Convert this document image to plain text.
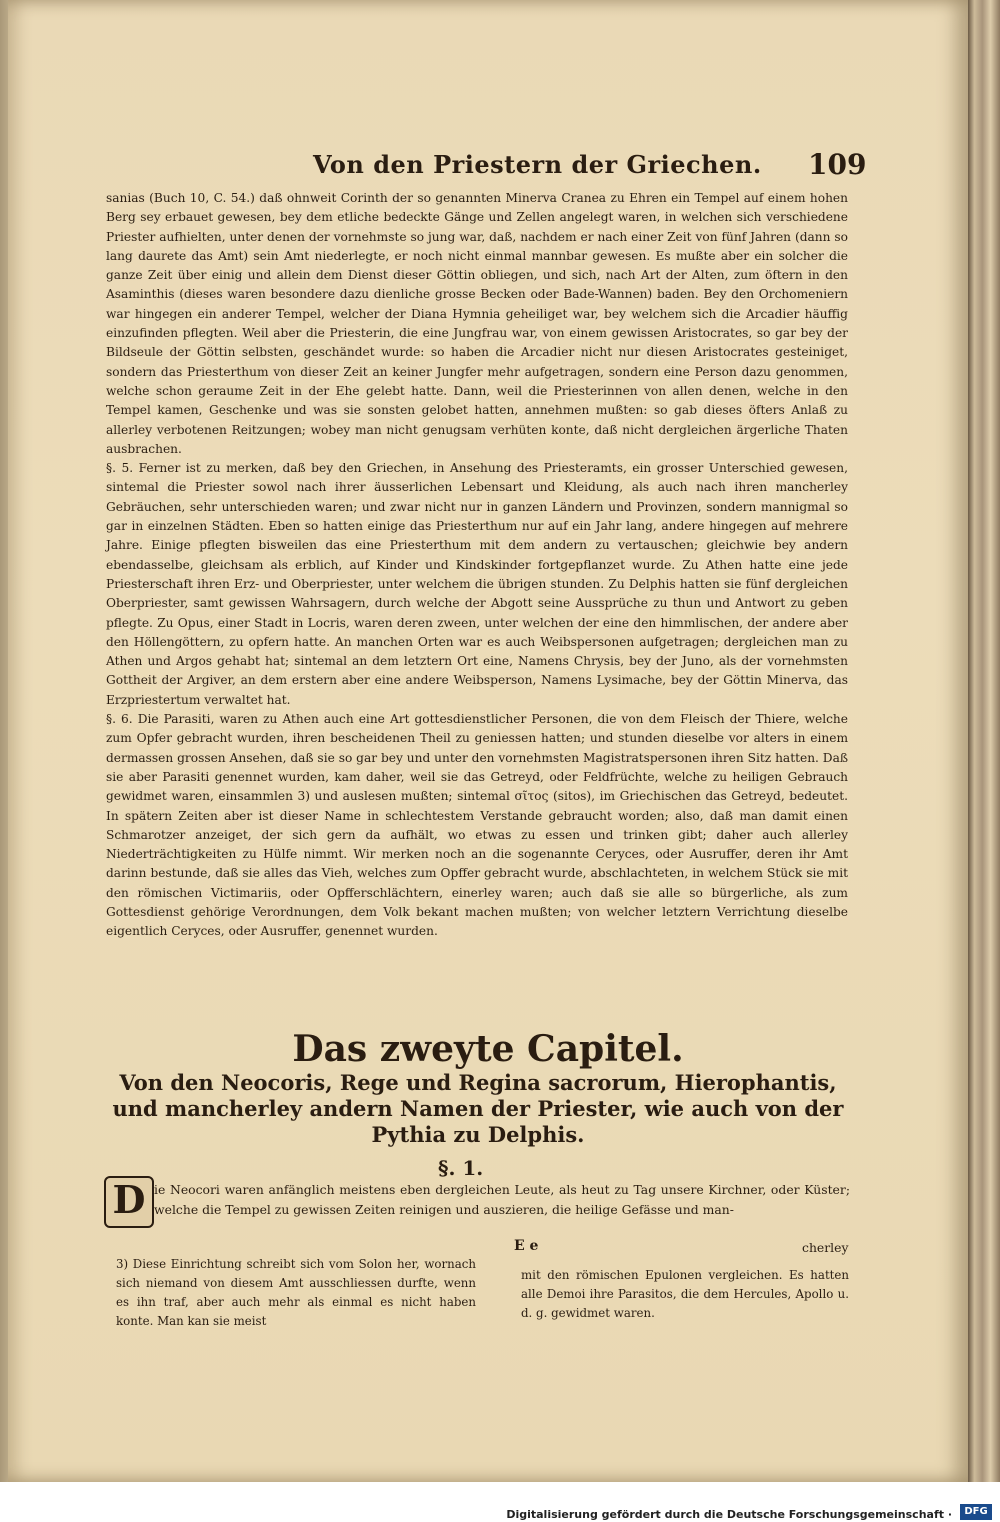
Von den Priestern der Griechen. 109

sanias (Buch 10, C. 54.) daß ohnweit Corinth der so genannten Minerva Cranea zu Ehren ein Tempel auf einem hohen Berg sey erbauet gewesen, bey dem etliche bedeckte Gänge und Zellen angelegt waren, in welchen sich verschiedene Priester aufhielten, unter denen der vornehmste so jung war, daß, nachdem er nach einer Zeit von fünf Jahren (dann so lang daurete das Amt) sein Amt niederlegte, er noch nicht einmal mannbar gewesen. Es mußte aber ein solcher die ganze Zeit über einig und allein dem Dienst dieser Göttin obliegen, und sich, nach Art der Alten, zum öftern in den Asaminthis (dieses waren besondere dazu dienliche grosse Becken oder Bade-Wannen) baden. Bey den Orchomeniern war hingegen ein anderer Tempel, welcher der Diana Hymnia geheiliget war, bey welchem sich die Arcadier häuffig einzufinden pflegten. Weil aber die Priesterin, die eine Jungfrau war, von einem gewissen Aristocrates, so gar bey der Bildseule der Göttin selbsten, geschändet wurde: so haben die Arcadier nicht nur diesen Aristocrates gesteiniget, sondern das Priesterthum von dieser Zeit an keiner Jungfer mehr aufgetragen, sondern eine Person dazu genommen, welche schon geraume Zeit in der Ehe gelebt hatte. Dann, weil die Priesterinnen von allen denen, welche in den Tempel kamen, Geschenke und was sie sonsten gelobet hatten, annehmen mußten: so gab dieses öfters Anlaß zu allerley verbotenen Reitzungen; wobey man nicht genugsam verhüten konte, daß nicht dergleichen ärgerliche Thaten ausbrachen.

§. 5. Ferner ist zu merken, daß bey den Griechen, in Ansehung des Priesteramts, ein grosser Unterschied gewesen, sintemal die Priester sowol nach ihrer äusserlichen Lebensart und Kleidung, als auch nach ihren mancherley Gebräuchen, sehr unterschieden waren; und zwar nicht nur in ganzen Ländern und Provinzen, sondern mannigmal so gar in einzelnen Städten. Eben so hatten einige das Priesterthum nur auf ein Jahr lang, andere hingegen auf mehrere Jahre. Einige pflegten bisweilen das eine Priesterthum mit dem andern zu vertauschen; gleichwie bey andern ebendasselbe, gleichsam als erblich, auf Kinder und Kindskinder fortgepflanzet wurde. Zu Athen hatte eine jede Priesterschaft ihren Erz- und Oberpriester, unter welchem die übrigen stunden. Zu Delphis hatten sie fünf dergleichen Oberpriester, samt gewissen Wahrsagern, durch welche der Abgott seine Aussprüche zu thun und Antwort zu geben pflegte. Zu Opus, einer Stadt in Locris, waren deren zween, unter welchen der eine den himmlischen, der andere aber den Höllengöttern, zu opfern hatte. An manchen Orten war es auch Weibspersonen aufgetragen; dergleichen man zu Athen und Argos gehabt hat; sintemal an dem letztern Ort eine, Namens Chrysis, bey der Juno, als der vornehmsten Gottheit der Argiver, an dem erstern aber eine andere Weibsperson, Namens Lysimache, bey der Göttin Minerva, das Erzpriestertum verwaltet hat.

§. 6. Die Parasiti, waren zu Athen auch eine Art gottesdienstlicher Personen, die von dem Fleisch der Thiere, welche zum Opfer gebracht wurden, ihren bescheidenen Theil zu geniessen hatten; und stunden dieselbe vor alters in einem dermassen grossen Ansehen, daß sie so gar bey und unter den vornehmsten Magistratspersonen ihren Sitz hatten. Daß sie aber Parasiti genennet wurden, kam daher, weil sie das Getreyd, oder Feldfrüchte, welche zu heiligen Gebrauch gewidmet waren, einsammlen 3) und auslesen mußten; sintemal σῖτος (sitos), im Griechischen das Getreyd, bedeutet. In spätern Zeiten aber ist dieser Name in schlechtestem Verstande gebraucht worden; also, daß man damit einen Schmarotzer anzeiget, der sich gern da aufhält, wo etwas zu essen und trinken gibt; daher auch allerley Niederträchtigkeiten zu Hülfe nimmt. Wir merken noch an die sogenannte Ceryces, oder Ausruffer, deren ihr Amt darinn bestunde, daß sie alles das Vieh, welches zum Opffer gebracht wurde, abschlachteten, in welchem Stück sie mit den römischen Victimariis, oder Opfferschlächtern, einerley waren; auch daß sie alle so bürgerliche, als zum Gottesdienst gehörige Verordnungen, dem Volk bekant machen mußten; von welcher letztern Verrichtung dieselbe eigentlich Ceryces, oder Ausruffer, genennet wurden.

Das zweyte Capitel.
Von den Neocoris, Rege und Regina sacrorum, Hierophantis, und mancherley andern Namen der Priester, wie auch von der Pythia zu Delphis.
§. 1.
D ie Neocori waren anfänglich meistens eben dergleichen Leute, als heut zu Tag unsere Kirchner, oder Küster; welche die Tempel zu gewissen Zeiten reinigen und auszieren, die heilige Gefässe und man-
E e	cherley
3) Diese Einrichtung schreibt sich vom Solon her, wornach sich niemand von diesem Amt ausschliessen durfte, wenn es ihn traf, aber auch mehr als einmal es nicht haben konte. Man kan sie meist
mit den römischen Epulonen vergleichen. Es hatten alle Demoi ihre Parasitos, die dem Hercules, Apollo u. d. g. gewidmet waren.
Digitalisierung gefördert durch die Deutsche Forschungsgemeinschaft ·	DFG
